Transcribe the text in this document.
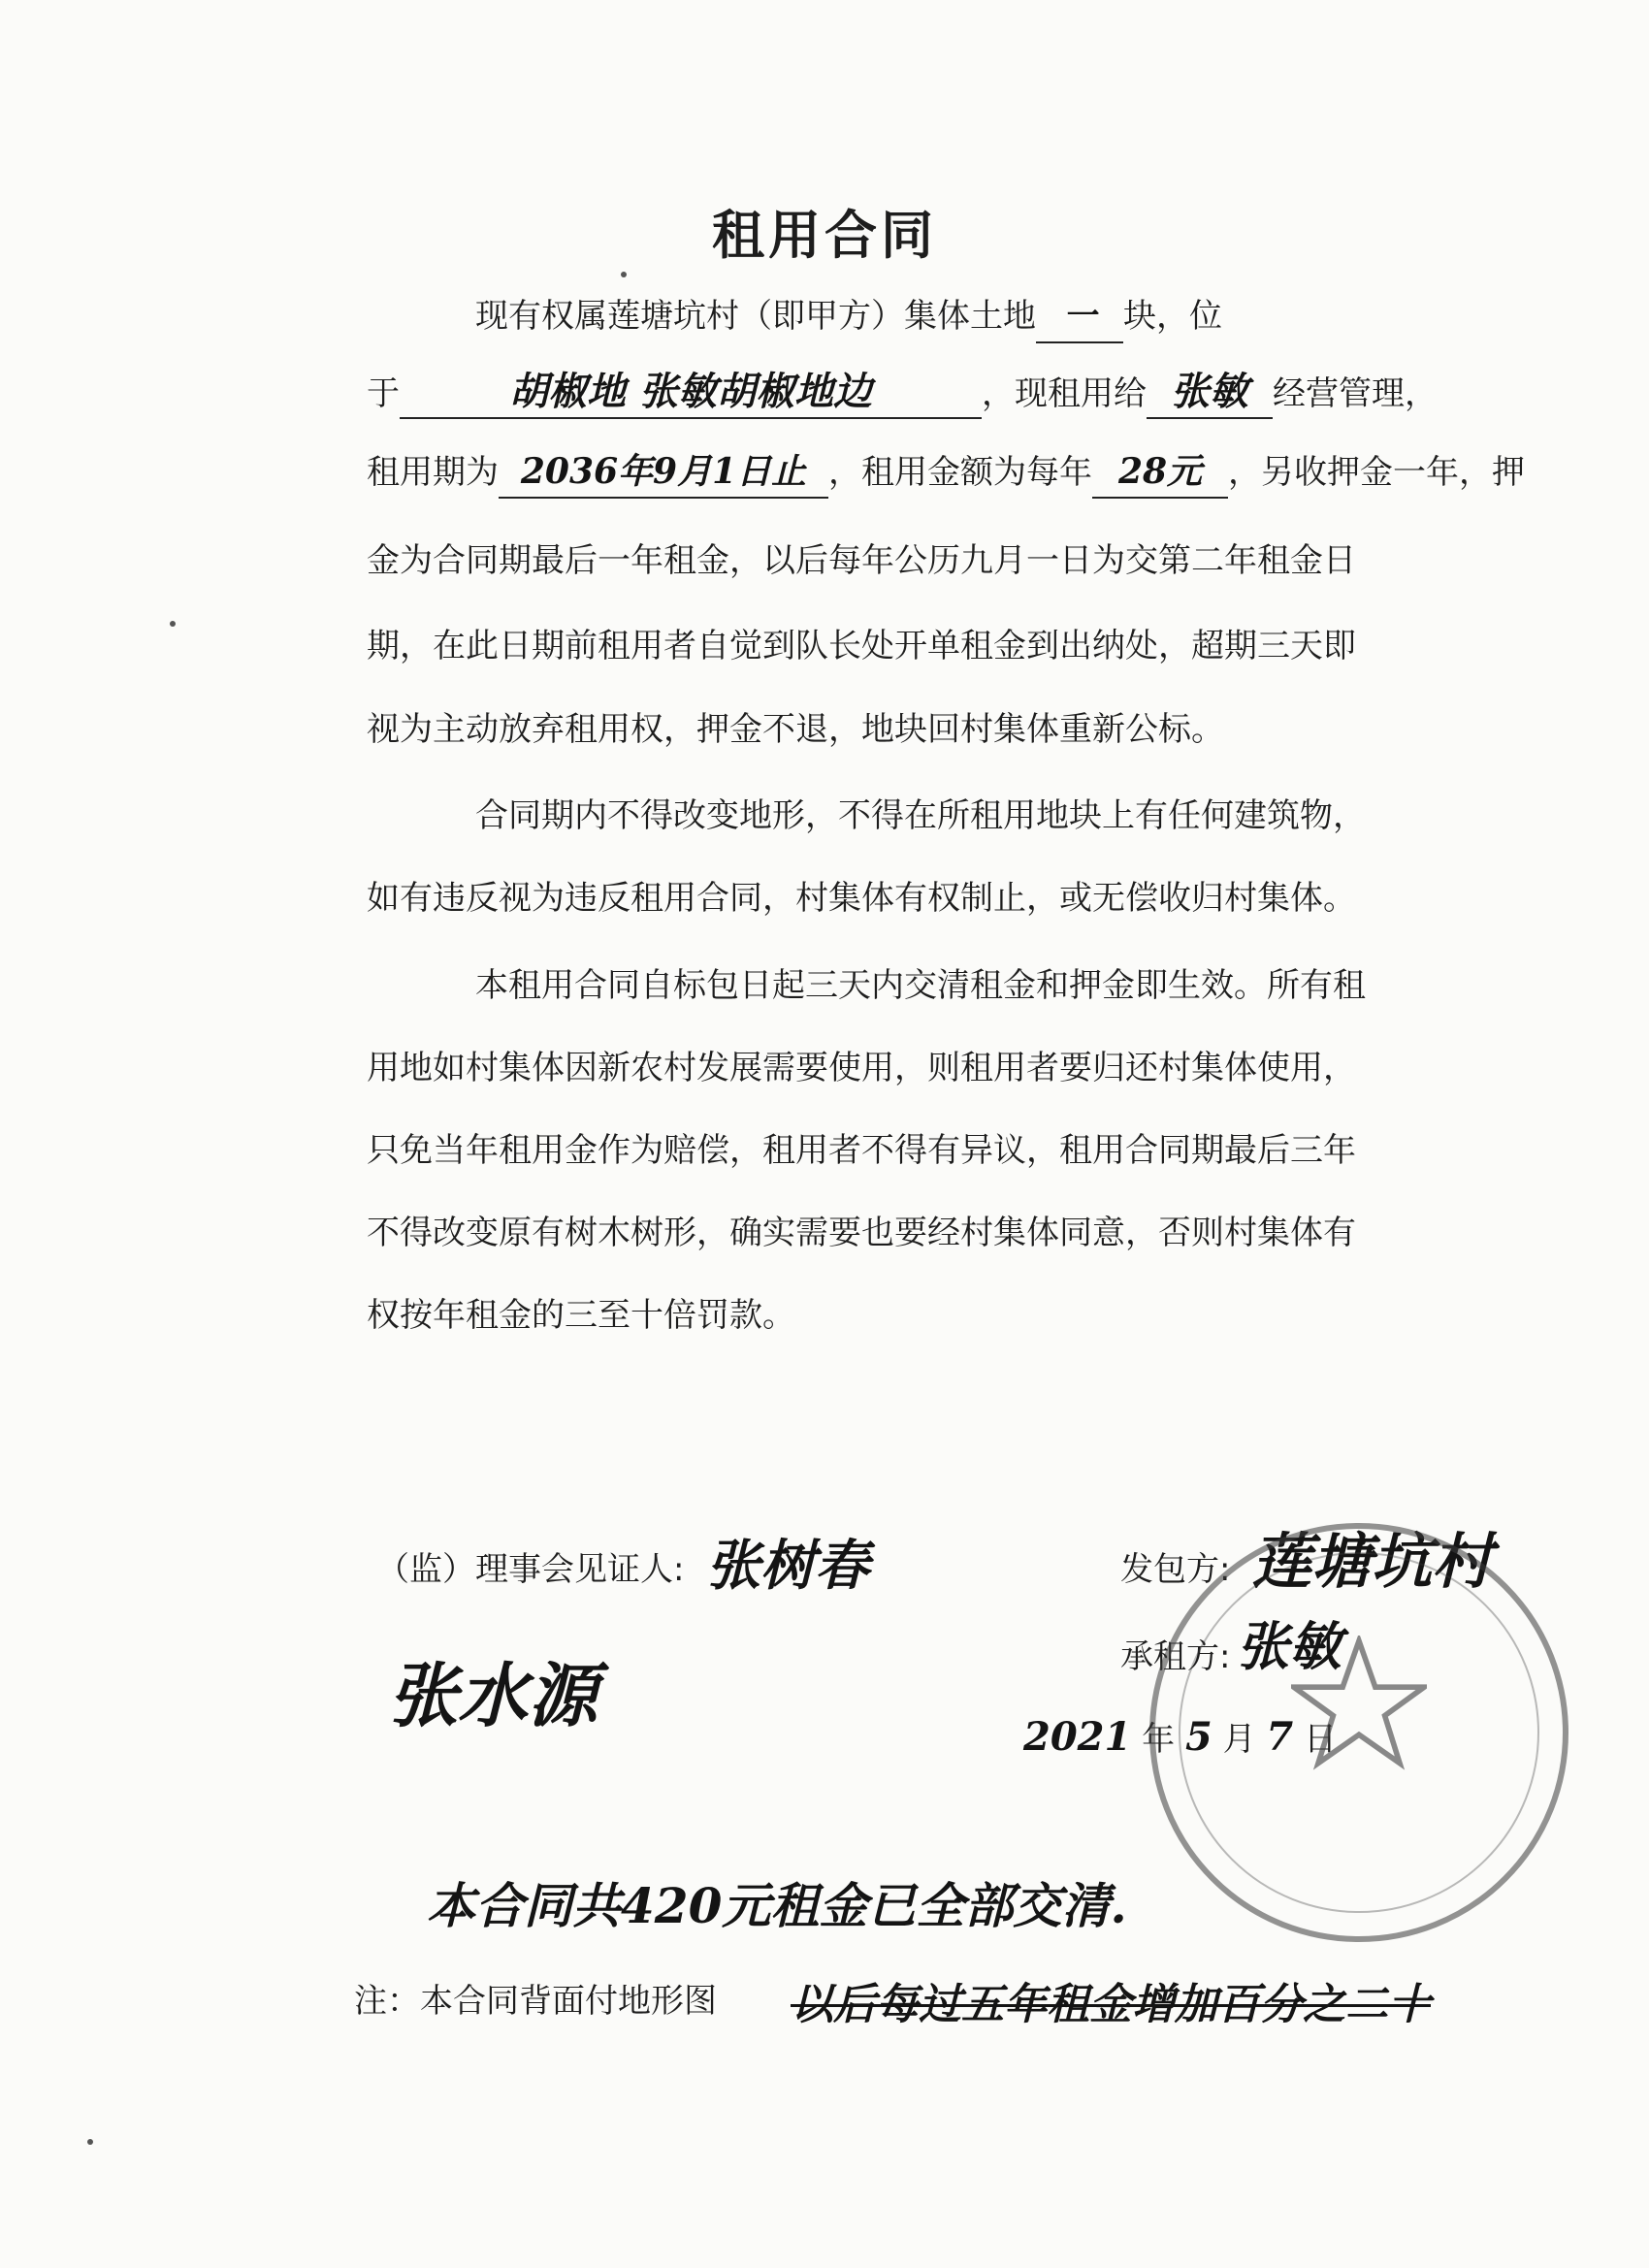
租用合同
现有权属莲塘坑村（即甲方）集体土地 一 块，位
于	胡椒地 张敏胡椒地边	，现租用给 张敏 经营管理，
租用期为 2036年9月1日止 ，租用金额为每年 28元 ，另收押金一年，押
金为合同期最后一年租金，以后每年公历九月一日为交第二年租金日
期，在此日期前租用者自觉到队长处开单租金到出纳处，超期三天即
视为主动放弃租用权，押金不退，地块回村集体重新公标。
合同期内不得改变地形，不得在所租用地块上有任何建筑物，
如有违反视为违反租用合同，村集体有权制止，或无偿收归村集体。
本租用合同自标包日起三天内交清租金和押金即生效。所有租
用地如村集体因新农村发展需要使用，则租用者要归还村集体使用，
只免当年租用金作为赔偿，租用者不得有异议，租用合同期最后三年
不得改变原有树木树形，确实需要也要经村集体同意，否则村集体有
权按年租金的三至十倍罚款。
（监）理事会见证人: 张树春
张水源
发包方: 莲塘坑村
承租方: 张敏
2021 年 5 月 7 日
本合同共420元租金已全部交清.
注：本合同背面付地形图 以后每过五年租金增加百分之二十
